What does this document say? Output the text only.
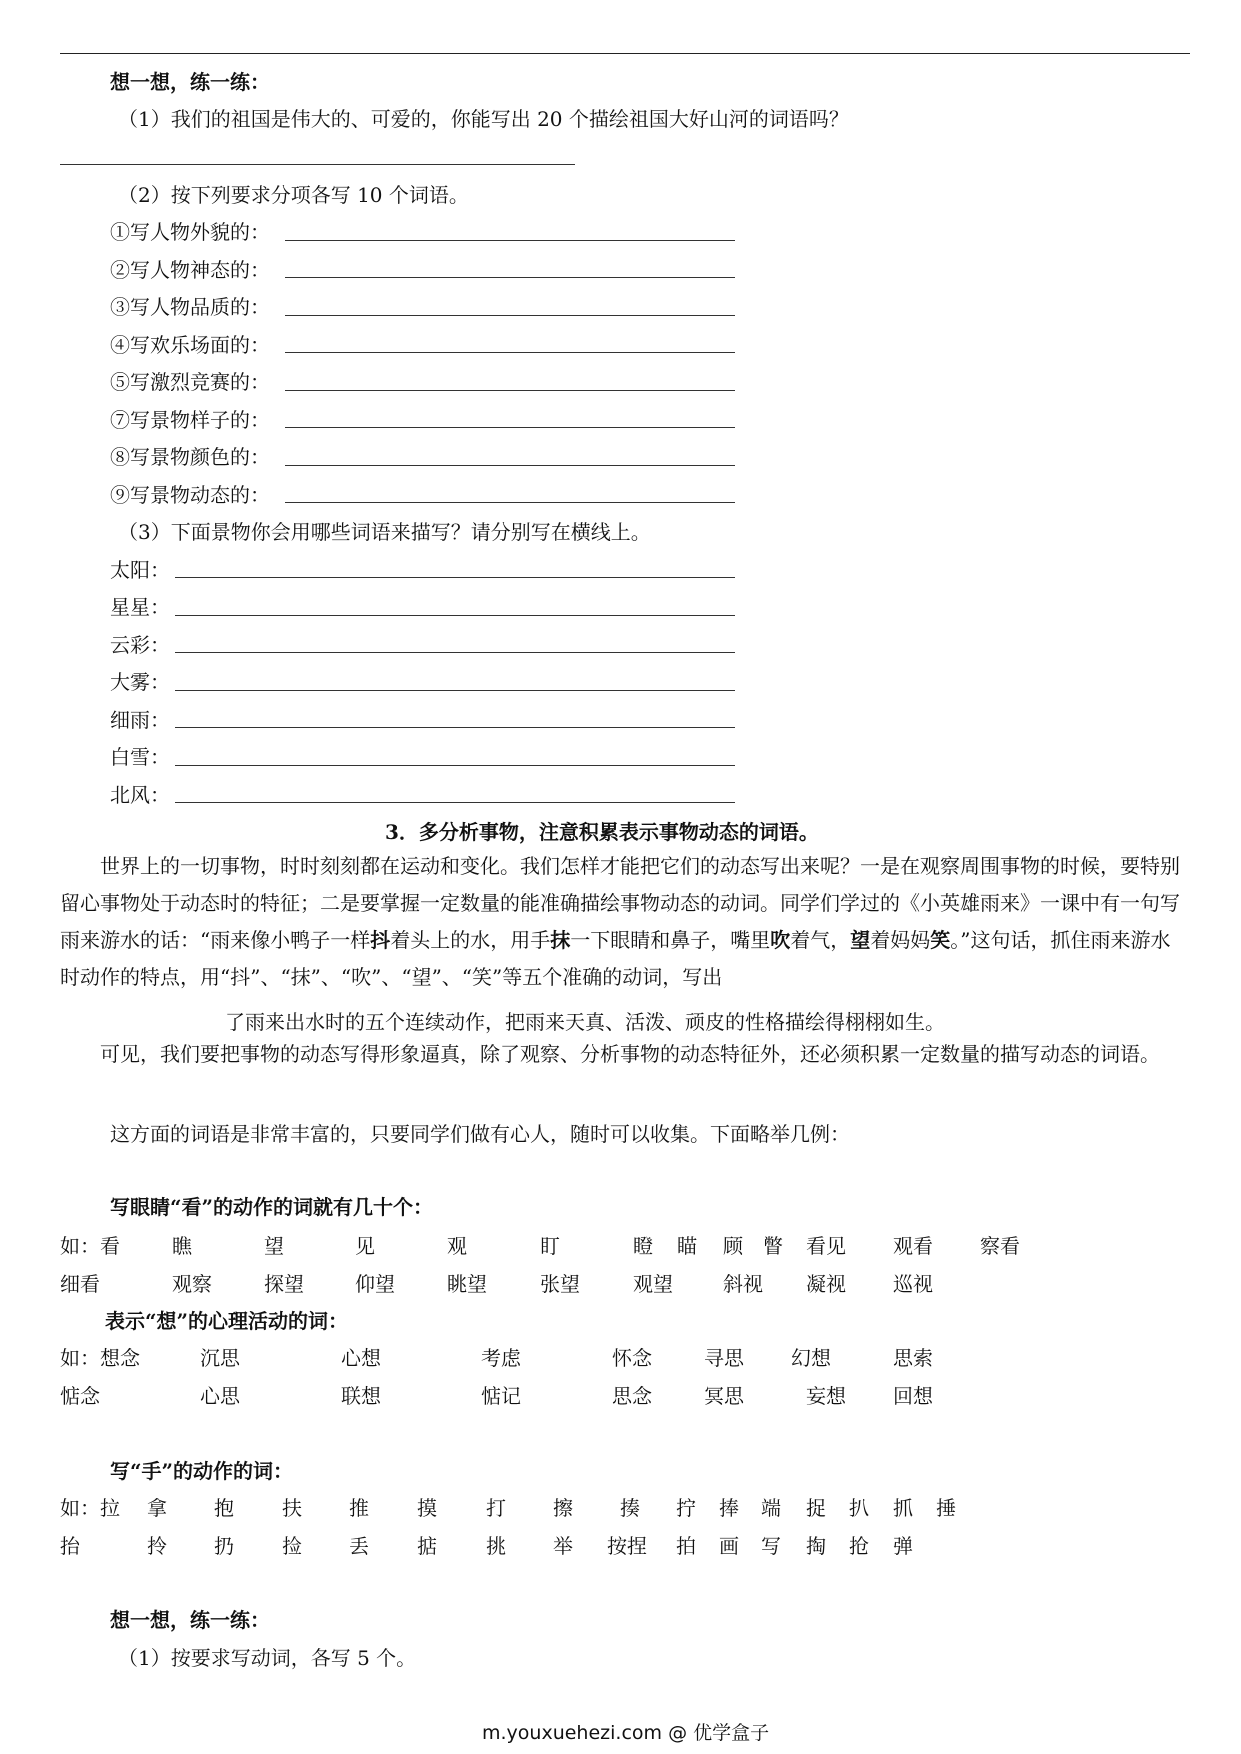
想一想，练一练：
（1）我们的祖国是伟大的、可爱的，你能写出 20 个描绘祖国大好山河的词语吗？
（2）按下列要求分项各写 10 个词语。
①写人物外貌的：
②写人物神态的：
③写人物品质的：
④写欢乐场面的：
⑤写激烈竞赛的：
⑦写景物样子的：
⑧写景物颜色的：
⑨写景物动态的：
（3）下面景物你会用哪些词语来描写？请分别写在横线上。
太阳：
星星：
云彩：
大雾：
细雨：
白雪：
北风：
3．多分析事物，注意积累表示事物动态的词语。
世界上的一切事物，时时刻刻都在运动和变化。我们怎样才能把它们的动态写出来呢？一是在观察周围事物的时候，要特别留心事物处于动态时的特征；二是要掌握一定数量的能准确描绘事物动态的动词。同学们学过的《小英雄雨来》一课中有一句写雨来游水的话：“雨来像小鸭子一样抖着头上的水，用手抹一下眼睛和鼻子，嘴里吹着气，望着妈妈笑。”这句话，抓住雨来游水时动作的特点，用“抖”、“抹”、“吹”、“望”、“笑”等五个准确的动词，写出
了雨来出水时的五个连续动作，把雨来天真、活泼、顽皮的性格描绘得栩栩如生。
可见，我们要把事物的动态写得形象逼真，除了观察、分析事物的动态特征外，还必须积累一定数量的描写动态的词语。
这方面的词语是非常丰富的，只要同学们做有心人，随时可以收集。下面略举几例：
写眼睛“看”的动作的词就有几十个：
如：看	瞧	望	见	观	盯	瞪 瞄 顾 瞥 看见 观看 察看
细看	观察	探望	仰望	眺望	张望	观望	斜视 凝视 巡视
表示“想”的心理活动的词：
如：想念	沉思	心想	考虑	怀念	寻思 幻想	思索
惦念	心思	联想	惦记	思念	冥思	妄想 回想
写“手”的动作的词：
如：拉 拿 抱 扶 推 摸 打 擦 揍 拧 捧 端 捉 扒 抓 捶
抬	拎 扔 捡 丢 掂 挑 举 按捏 拍 画 写 掏 抢 弹
想一想，练一练：
（1）按要求写动词，各写 5 个。
m.youxuehezi.com @ 优学盒子
